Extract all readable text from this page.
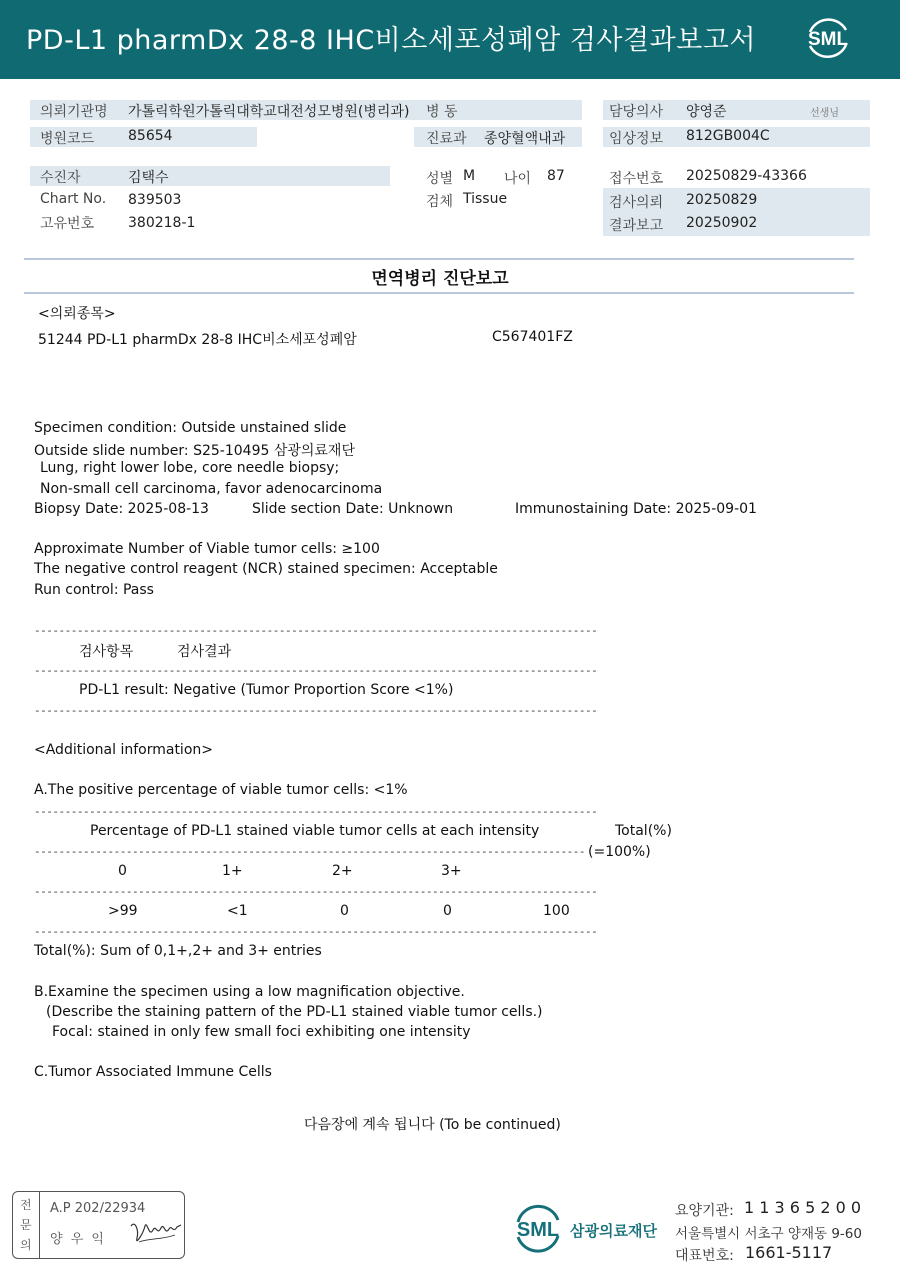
PD-L1 pharmDx 28-8 IHC비소세포성폐암 검사결과보고서	SML
의뢰기관명 가톨릭학원가톨릭대학교대전성모병원(병리과) 병 동
병원코드 85654	진료과 종양혈액내과
담당의사 양영준	선생님
임상정보 812GB004C
수진자	김택수	성별 M 나이 87	접수번호 20250829-43366
Chart No. 839503	검체 Tissue	검사의뢰 20250829
고유번호 380218-1	결과보고 20250902
면역병리 진단보고
<의뢰종목>
51244 PD-L1 pharmDx 28-8 IHC비소세포성폐암	C567401FZ
Specimen condition: Outside unstained slide
Outside slide number: S25-10495 삼광의료재단
Lung, right lower lobe, core needle biopsy;
Non-small cell carcinoma, favor adenocarcinoma
Biopsy Date: 2025-08-13	Slide section Date: Unknown	Immunostaining Date: 2025-09-01
Approximate Number of Viable tumor cells: ≥100
The negative control reagent (NCR) stained specimen: Acceptable
Run control: Pass
--------------------------------------------------------------------------------------------
검사항목	검사결과
--------------------------------------------------------------------------------------------
PD-L1 result: Negative (Tumor Proportion Score <1%)
--------------------------------------------------------------------------------------------
<Additional information>
A.The positive percentage of viable tumor cells: <1%
--------------------------------------------------------------------------------------------
Percentage of PD-L1 stained viable tumor cells at each intensity	Total(%)
------------------------------------------------------------------------------------------ (=100%)
0	1+	2+	3+
--------------------------------------------------------------------------------------------
>99	<1	0	0	100
--------------------------------------------------------------------------------------------
Total(%): Sum of 0,1+,2+ and 3+ entries
B.Examine the specimen using a low magnification objective.
(Describe the staining pattern of the PD-L1 stained viable tumor cells.)
Focal: stained in only few small foci exhibiting one intensity
C.Tumor Associated Immune Cells
다음장에 계속 됩니다 (To be continued)
전
문
의
A.P 202/22934
양 우 익	SML 삼광의료재단
요양기관: 1 1 3 6 5 2 0 0
서울특별시 서초구 양재동 9-60
대표번호: 1661-5117
